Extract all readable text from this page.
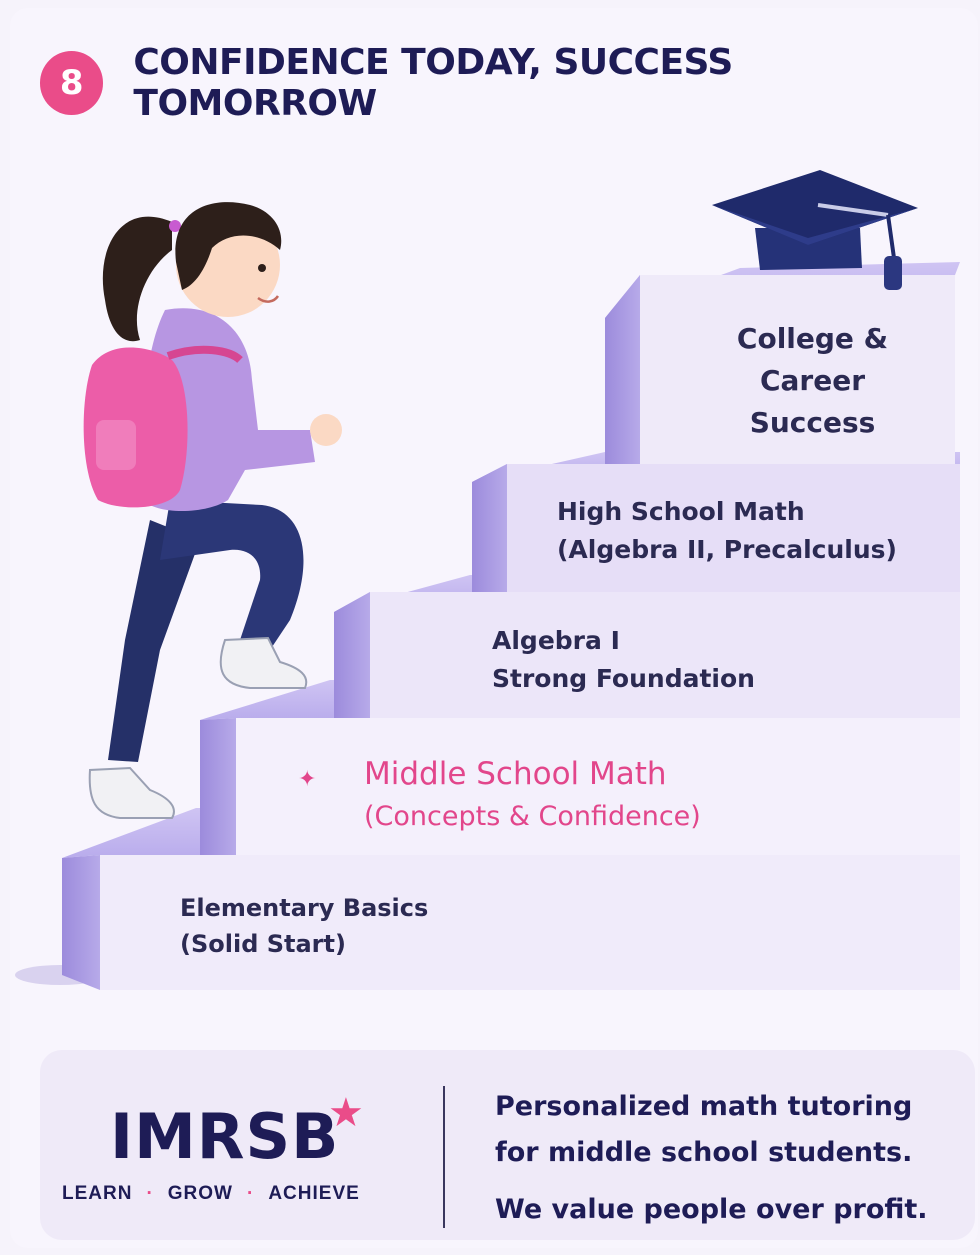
8	CONFIDENCE TODAY, SUCCESS TOMORROW
College &
Career
Success
High School Math
(Algebra II, Precalculus)
Algebra I
Strong Foundation
✦ Middle School Math
(Concepts & Confidence)
Elementary Basics
(Solid Start)
IMRSB
★
LEARN · GROW · ACHIEVE
Personalized math tutoring
for middle school students.
We value people over profit.
